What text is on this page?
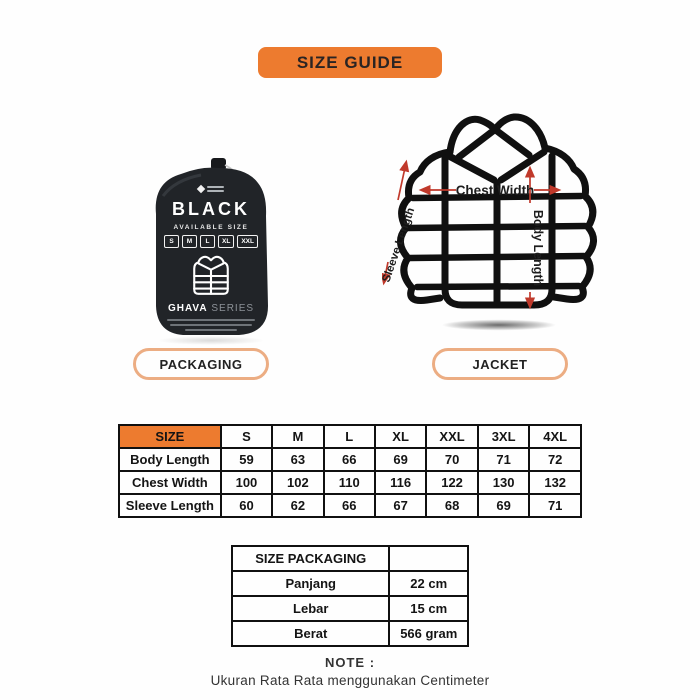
SIZE GUIDE
BLACK
AVAILABLE SIZE
S	M	L	XL	XXL
GHAVA SERIES
Chest Width
Body Length
Sleeve Length
PACKAGING	JACKET
SIZE	S	M	L	XL	XXL	3XL	4XL
Body Length	59	63	66	69	70	71	72
Chest Width	100	102	110	116	122	130	132
Sleeve Length	60	62	66	67	68	69	71
SIZE PACKAGING	
Panjang	22 cm
Lebar	15 cm
Berat	566 gram
NOTE :
Ukuran Rata Rata menggunakan Centimeter
